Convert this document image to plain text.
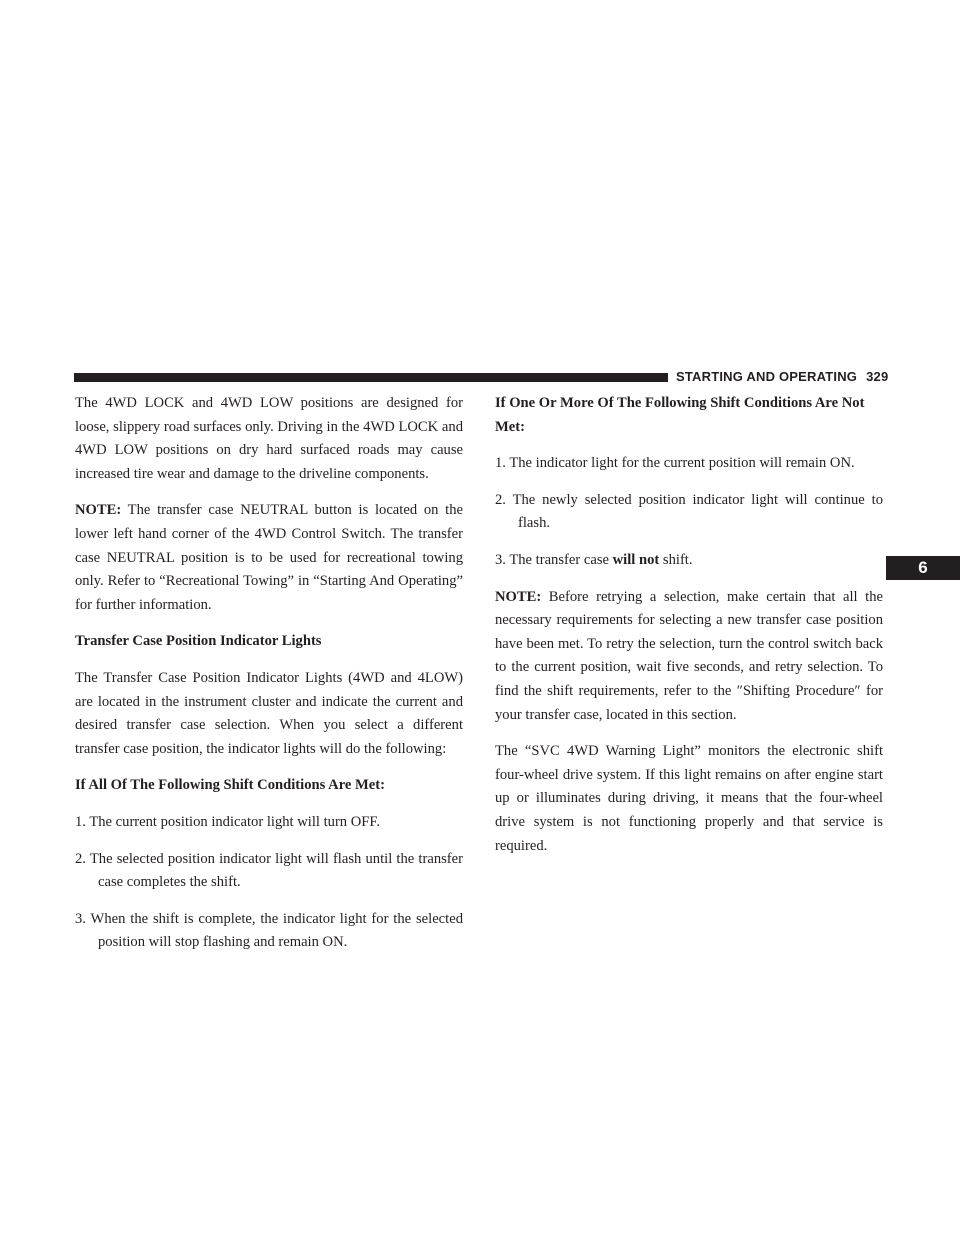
STARTING AND OPERATING 329
6

The 4WD LOCK and 4WD LOW positions are designed for loose, slippery road surfaces only. Driving in the 4WD LOCK and 4WD LOW positions on dry hard surfaced roads may cause increased tire wear and damage to the driveline components.

NOTE: The transfer case NEUTRAL button is located on the lower left hand corner of the 4WD Control Switch. The transfer case NEUTRAL position is to be used for recreational towing only. Refer to “Recreational Towing” in “Starting And Operating” for further information.

Transfer Case Position Indicator Lights

The Transfer Case Position Indicator Lights (4WD and 4LOW) are located in the instrument cluster and indicate the current and desired transfer case selection. When you select a different transfer case position, the indicator lights will do the following:

If All Of The Following Shift Conditions Are Met:

1. The current position indicator light will turn OFF.

2. The selected position indicator light will flash until the transfer case completes the shift.

3. When the shift is complete, the indicator light for the selected position will stop flashing and remain ON.

If One Or More Of The Following Shift Conditions Are Not Met:

1. The indicator light for the current position will remain ON.

2. The newly selected position indicator light will continue to flash.

3. The transfer case will not shift.

NOTE: Before retrying a selection, make certain that all the necessary requirements for selecting a new transfer case position have been met. To retry the selection, turn the control switch back to the current position, wait five seconds, and retry selection. To find the shift requirements, refer to the ″Shifting Procedure″ for your transfer case, located in this section.

The “SVC 4WD Warning Light” monitors the electronic shift four-wheel drive system. If this light remains on after engine start up or illuminates during driving, it means that the four-wheel drive system is not functioning properly and that service is required.
